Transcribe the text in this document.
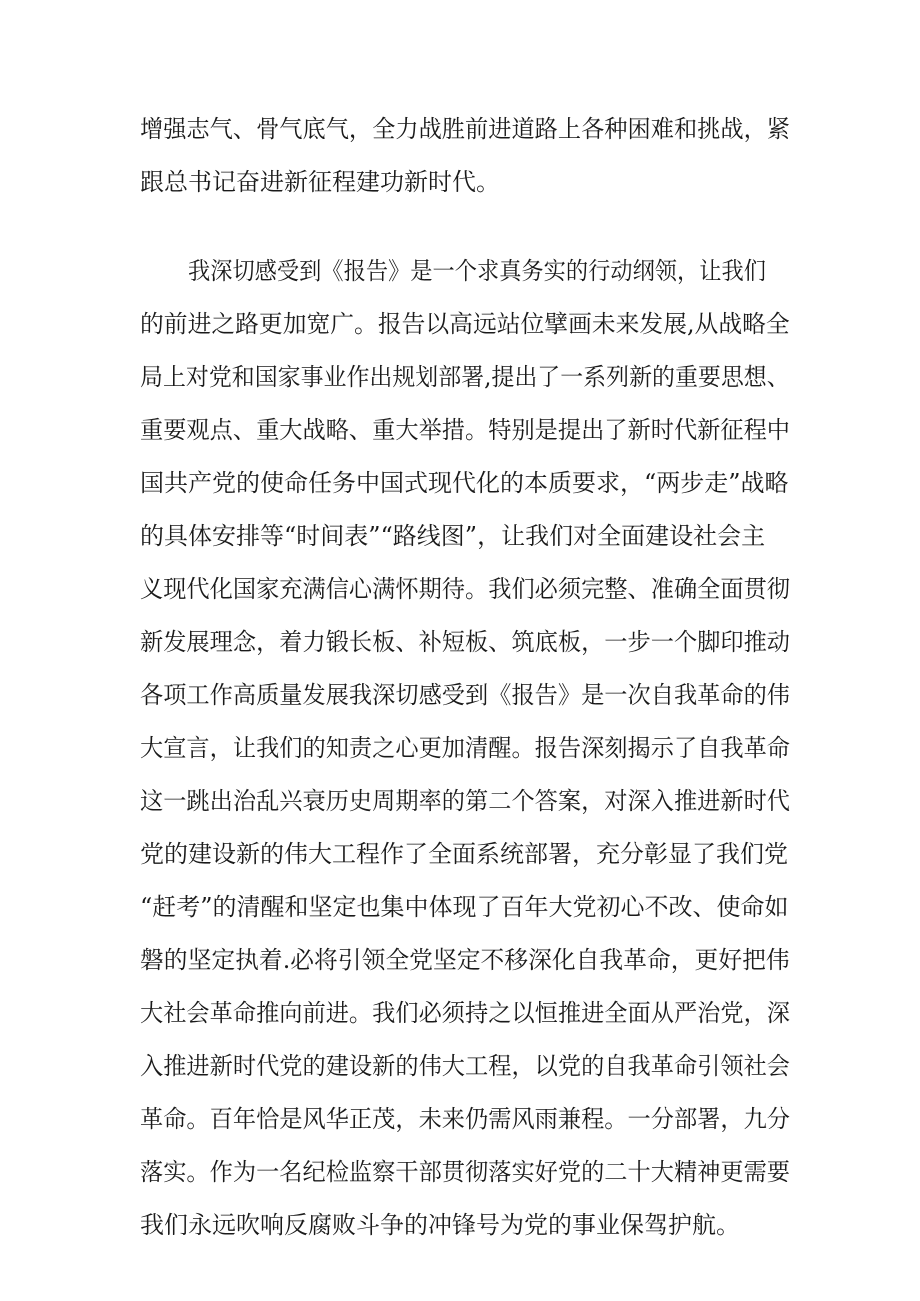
增强志气、骨气底气，全力战胜前进道路上各种困难和挑战，紧
跟总书记奋进新征程建功新时代。
我深切感受到《报告》是一个求真务实的行动纲领，让我们
的前进之路更加宽广。报告以高远站位擘画未来发展,从战略全
局上对党和国家事业作出规划部署,提出了一系列新的重要思想、
重要观点、重大战略、重大举措。特别是提出了新时代新征程中
国共产党的使命任务中国式现代化的本质要求，“两步走”战略
的具体安排等“时间表”“路线图”，让我们对全面建设社会主
义现代化国家充满信心满怀期待。我们必须完整、准确全面贯彻
新发展理念，着力锻长板、补短板、筑底板，一步一个脚印推动
各项工作高质量发展我深切感受到《报告》是一次自我革命的伟
大宣言，让我们的知责之心更加清醒。报告深刻揭示了自我革命
这一跳出治乱兴衰历史周期率的第二个答案，对深入推进新时代
党的建设新的伟大工程作了全面系统部署，充分彰显了我们党
“赶考”的清醒和坚定也集中体现了百年大党初心不改、使命如
磐的坚定执着.必将引领全党坚定不移深化自我革命，更好把伟
大社会革命推向前进。我们必须持之以恒推进全面从严治党，深
入推进新时代党的建设新的伟大工程，以党的自我革命引领社会
革命。百年恰是风华正茂，未来仍需风雨兼程。一分部署，九分
落实。作为一名纪检监察干部贯彻落实好党的二十大精神更需要
我们永远吹响反腐败斗争的冲锋号为党的事业保驾护航。
